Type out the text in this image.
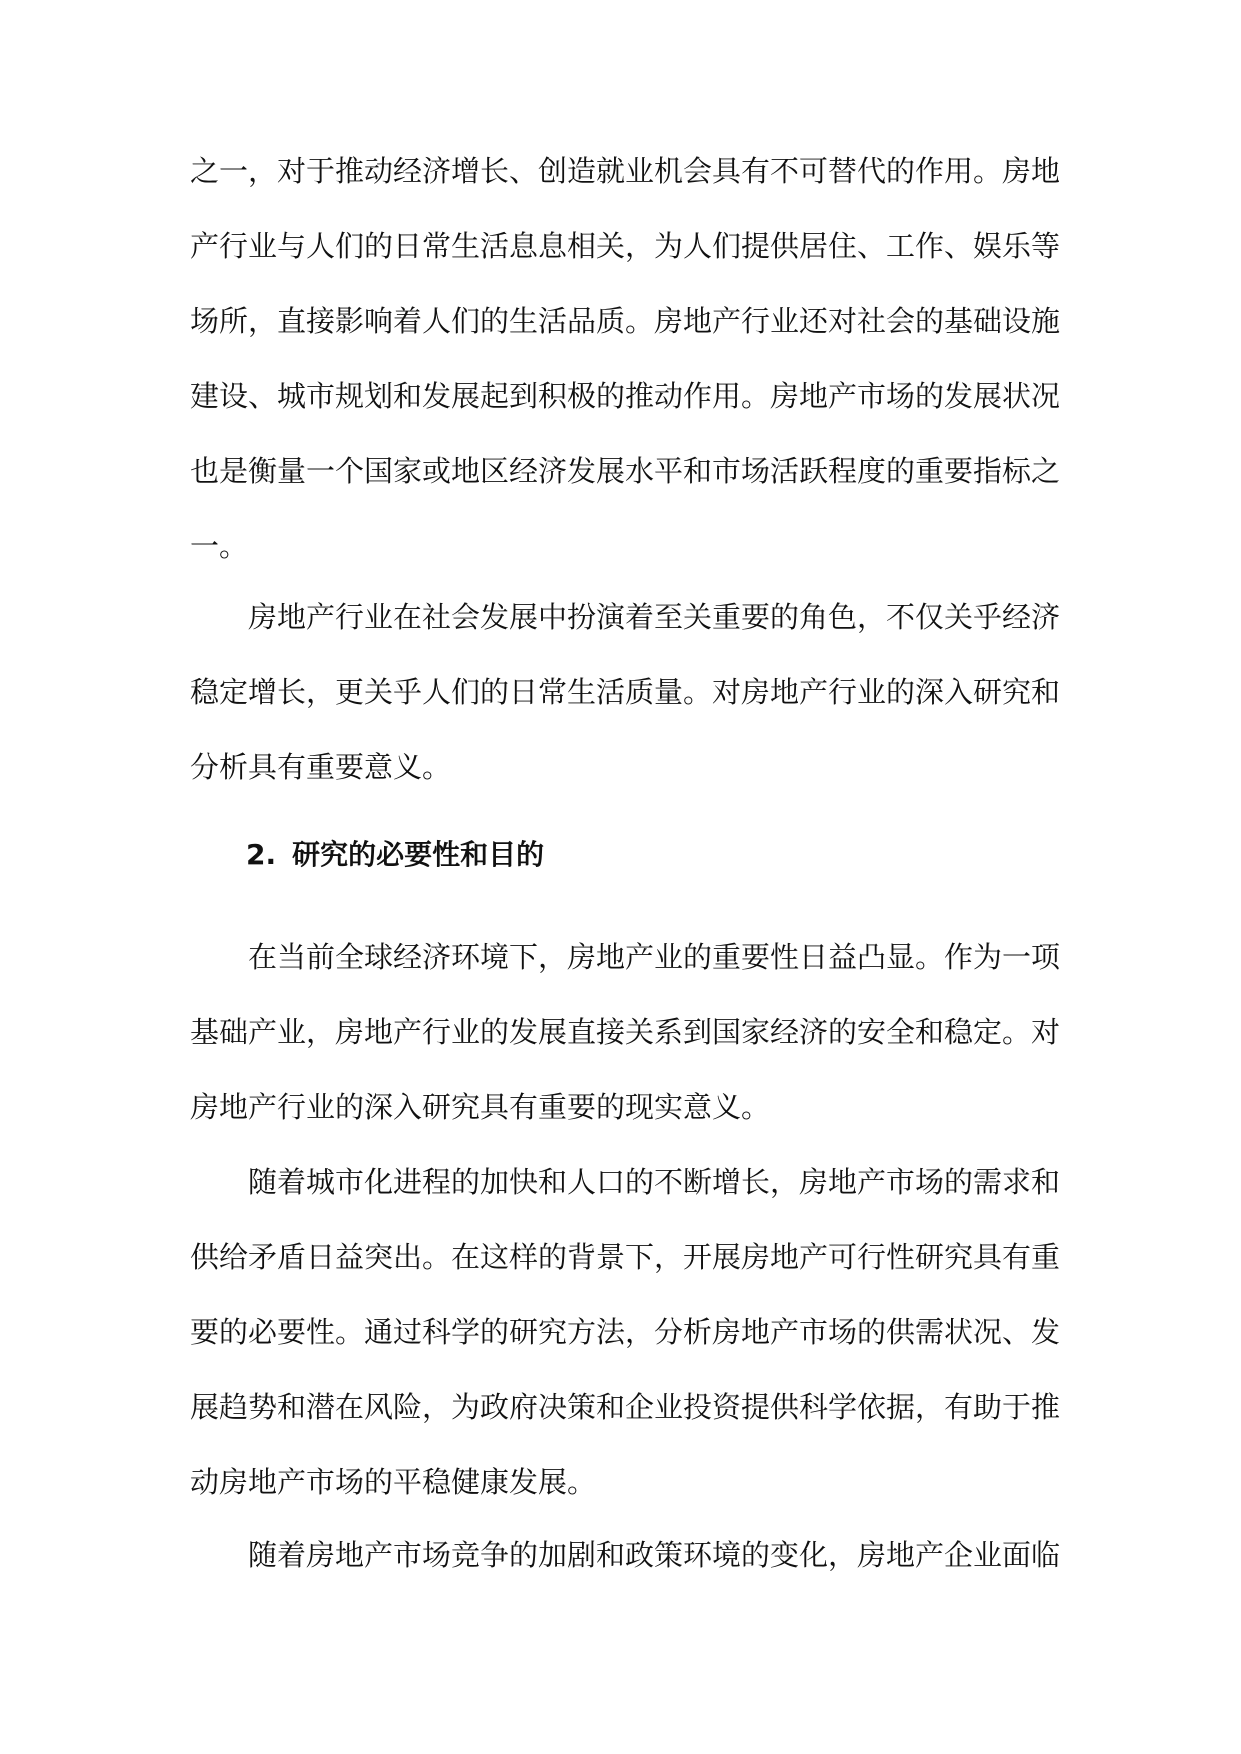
之一，对于推动经济增长、创造就业机会具有不可替代的作用。房地产行业与人们的日常生活息息相关，为人们提供居住、工作、娱乐等场所，直接影响着人们的生活品质。房地产行业还对社会的基础设施建设、城市规划和发展起到积极的推动作用。房地产市场的发展状况也是衡量一个国家或地区经济发展水平和市场活跃程度的重要指标之一。

房地产行业在社会发展中扮演着至关重要的角色，不仅关乎经济稳定增长，更关乎人们的日常生活质量。对房地产行业的深入研究和分析具有重要意义。

2. 研究的必要性和目的

在当前全球经济环境下，房地产业的重要性日益凸显。作为一项基础产业，房地产行业的发展直接关系到国家经济的安全和稳定。对房地产行业的深入研究具有重要的现实意义。

随着城市化进程的加快和人口的不断增长，房地产市场的需求和供给矛盾日益突出。在这样的背景下，开展房地产可行性研究具有重要的必要性。通过科学的研究方法，分析房地产市场的供需状况、发展趋势和潜在风险，为政府决策和企业投资提供科学依据，有助于推动房地产市场的平稳健康发展。

随着房地产市场竞争的加剧和政策环境的变化，房地产企业面临
